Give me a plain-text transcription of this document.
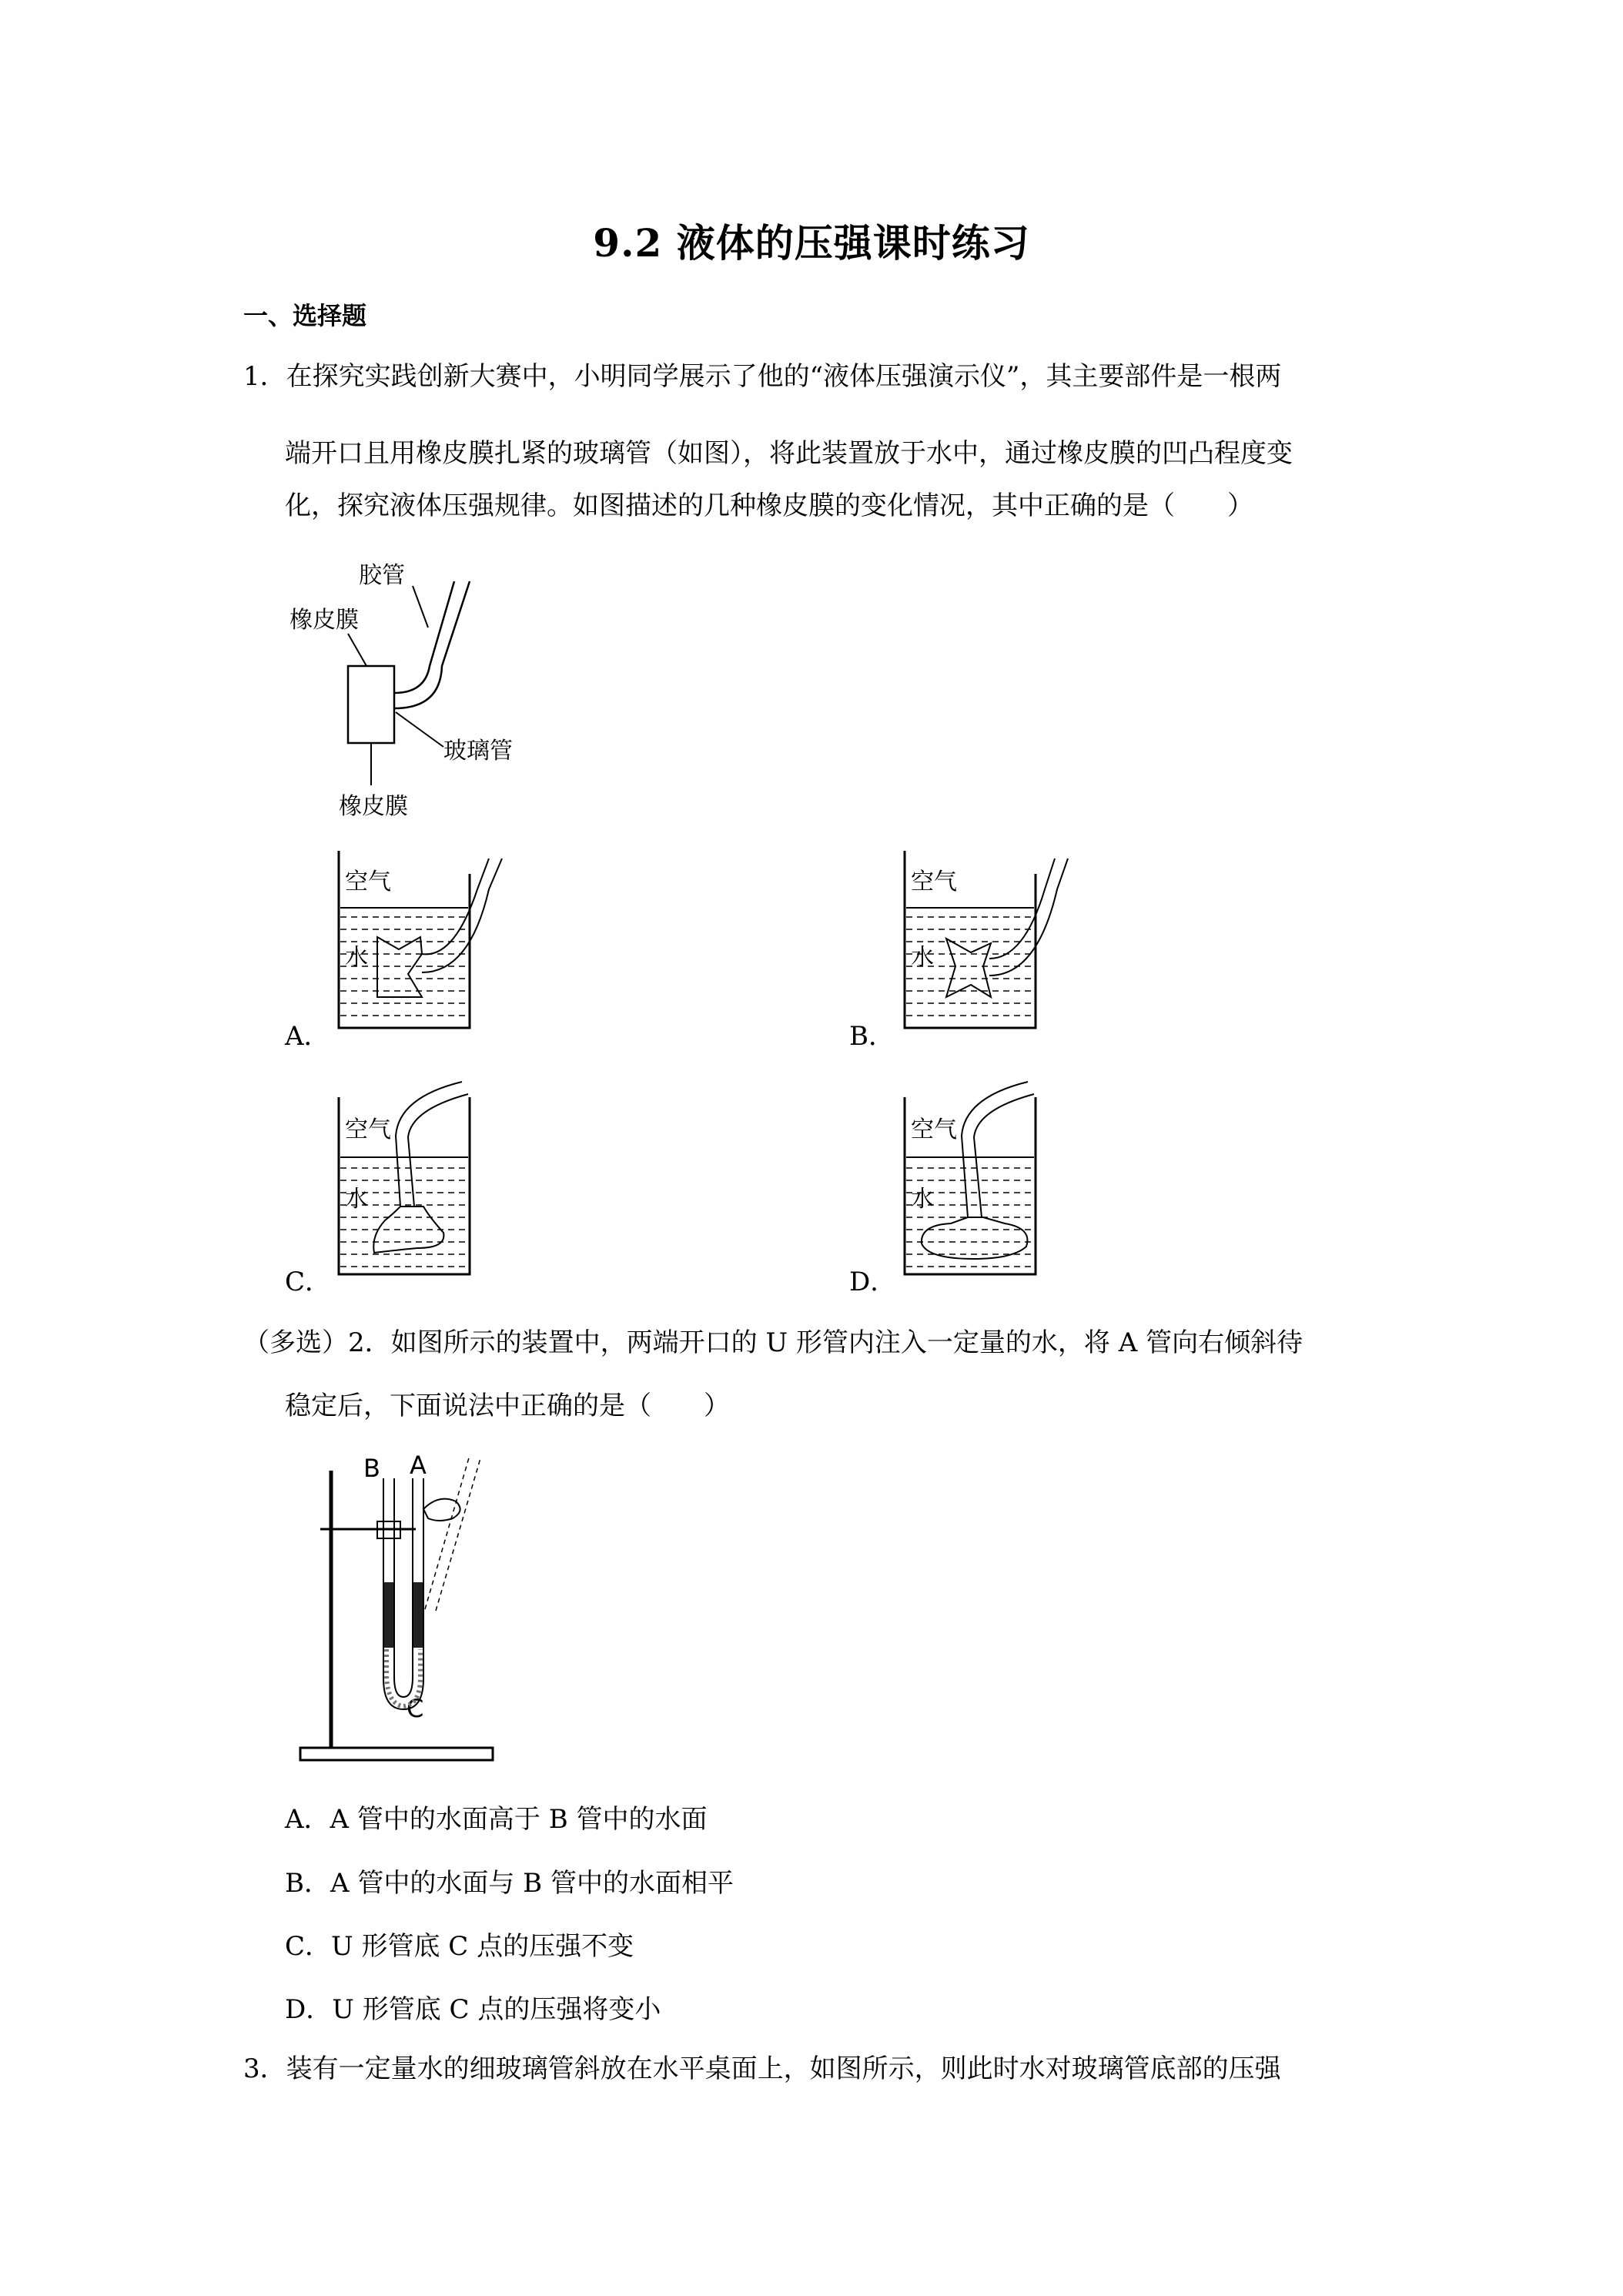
9.2 液体的压强课时练习
一、选择题
1．在探究实践创新大赛中，小明同学展示了他的“液体压强演示仪”，其主要部件是一根两
端开口且用橡皮膜扎紧的玻璃管（如图），将此装置放于水中，通过橡皮膜的凹凸程度变
化，探究液体压强规律。如图描述的几种橡皮膜的变化情况，其中正确的是（　　）
胶管
橡皮膜
玻璃管
橡皮膜
空气
水
A．
空气
水
B．
空气
水
C．
空气
水
D．
（多选）2．如图所示的装置中，两端开口的 U 形管内注入一定量的水，将 A 管向右倾斜待
稳定后，下面说法中正确的是（　　）
B A
C
A．A 管中的水面高于 B 管中的水面
B．A 管中的水面与 B 管中的水面相平
C．U 形管底 C 点的压强不变
D．U 形管底 C 点的压强将变小
3．装有一定量水的细玻璃管斜放在水平桌面上，如图所示，则此时水对玻璃管底部的压强
